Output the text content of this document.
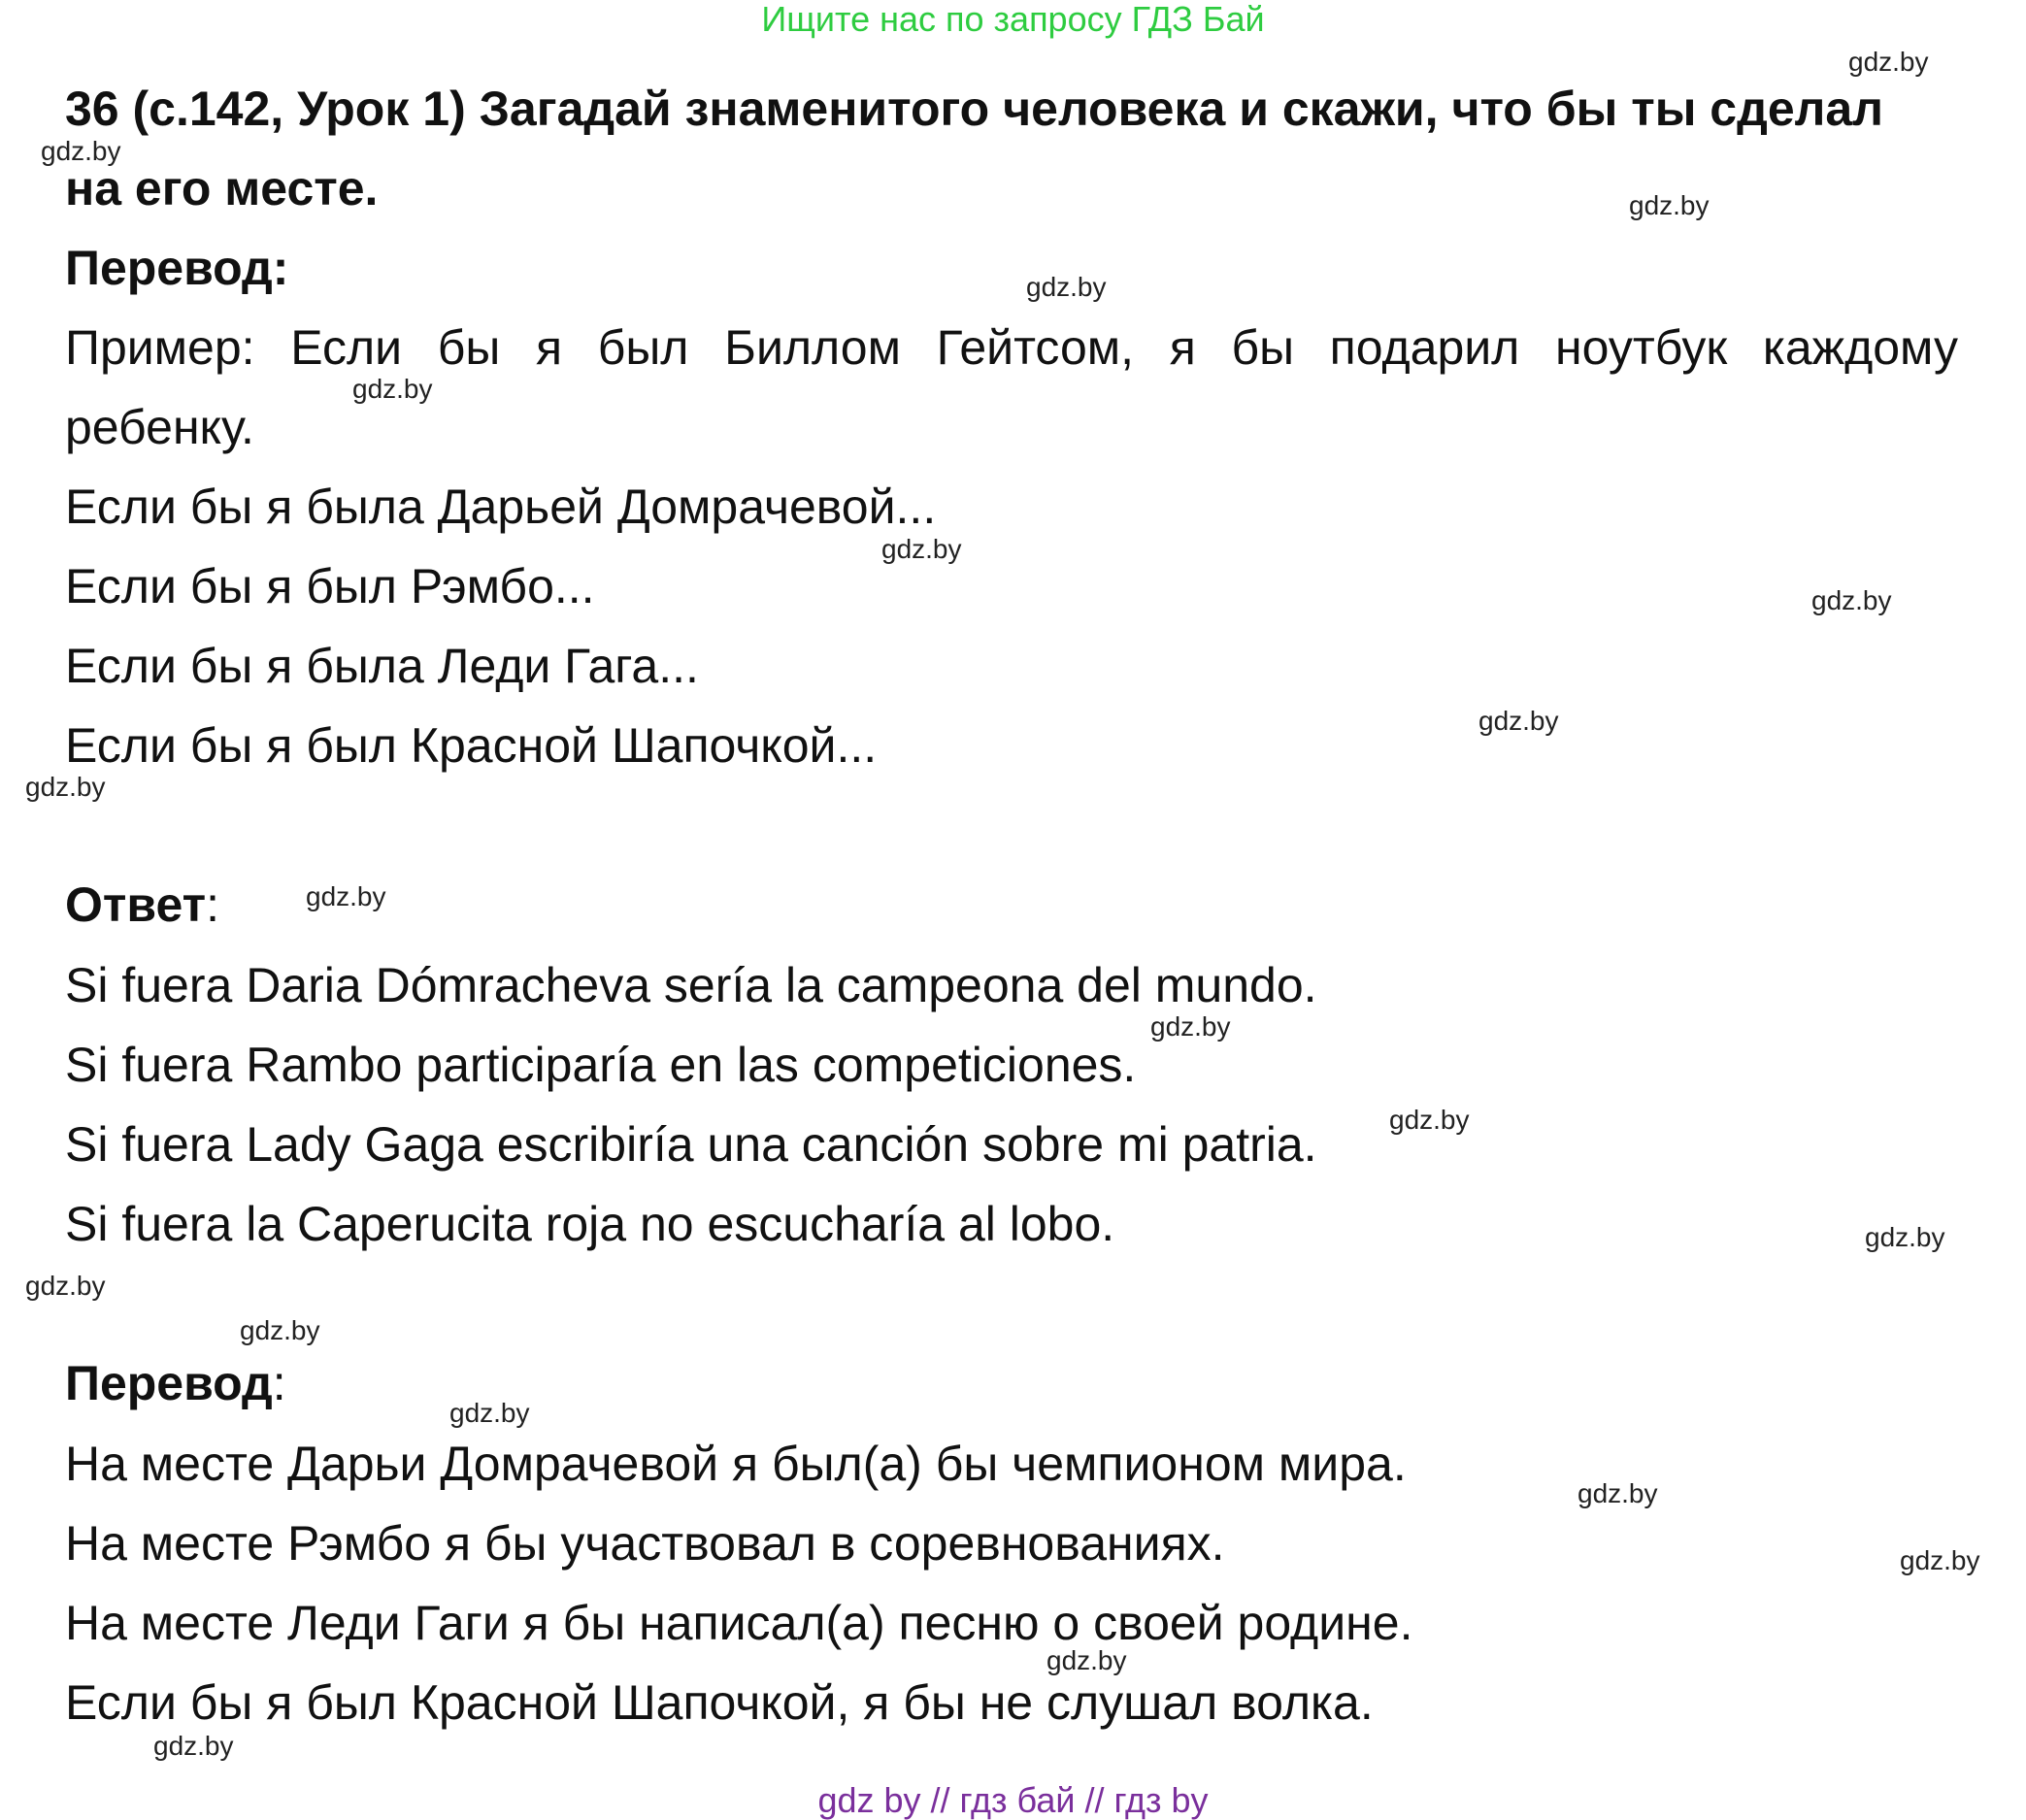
Ищите нас по запросу ГДЗ Бай
36 (с.142, Урок 1) Загадай знаменитого человека и скажи, что бы ты сделал
на его месте.
Перевод:
Пример: Если бы я был Биллом Гейтсом, я бы подарил ноутбук каждому
ребенку.
Если бы я была Дарьей Домрачевой...
Если бы я был Рэмбо...
Если бы я была Леди Гага...
Если бы я был Красной Шапочкой...
Ответ:
Si fuera Daria Dómracheva sería la campeona del mundo.
Si fuera Rambo participaría en las competiciones.
Si fuera Lady Gaga escribiría una canción sobre mi patria.
Si fuera la Caperucita roja no escucharía al lobo.
Перевод:
На месте Дарьи Домрачевой я был(а) бы чемпионом мира.
На месте Рэмбо я бы участвовал в соревнованиях.
На месте Леди Гаги я бы написал(а) песню о своей родине.
Если бы я был Красной Шапочкой, я бы не слушал волка.
gdz.by
gdz.by
gdz.by
gdz.by
gdz.by
gdz.by
gdz.by
gdz.by
gdz.by
gdz.by
gdz.by
gdz.by
gdz.by
gdz.by
gdz.by
gdz.by
gdz.by
gdz.by
gdz.by
gdz.by
gdz by // гдз бай // гдз by
